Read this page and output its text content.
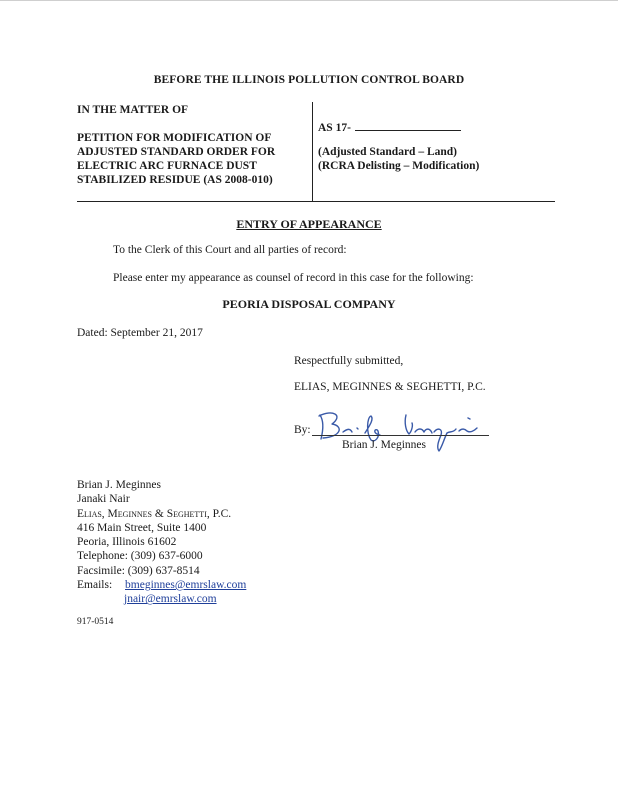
BEFORE THE ILLINOIS POLLUTION CONTROL BOARD
IN THE MATTER OF
PETITION FOR MODIFICATION OF
ADJUSTED STANDARD ORDER FOR
ELECTRIC ARC FURNACE DUST
STABILIZED RESIDUE (AS 2008-010)
AS 17-
(Adjusted Standard – Land)
(RCRA Delisting – Modification)
ENTRY OF APPEARANCE
To the Clerk of this Court and all parties of record:
Please enter my appearance as counsel of record in this case for the following:
PEORIA DISPOSAL COMPANY
Dated: September 21, 2017
Respectfully submitted,
ELIAS, MEGINNES & SEGHETTI, P.C.
By:
Brian J. Meginnes
Brian J. Meginnes
Janaki Nair
Elias, Meginnes & Seghetti, P.C.
416 Main Street, Suite 1400
Peoria, Illinois 61602
Telephone: (309) 637-6000
Facsimile: (309) 637-8514
Emails: bmeginnes@emrslaw.com
jnair@emrslaw.com
917-0514
